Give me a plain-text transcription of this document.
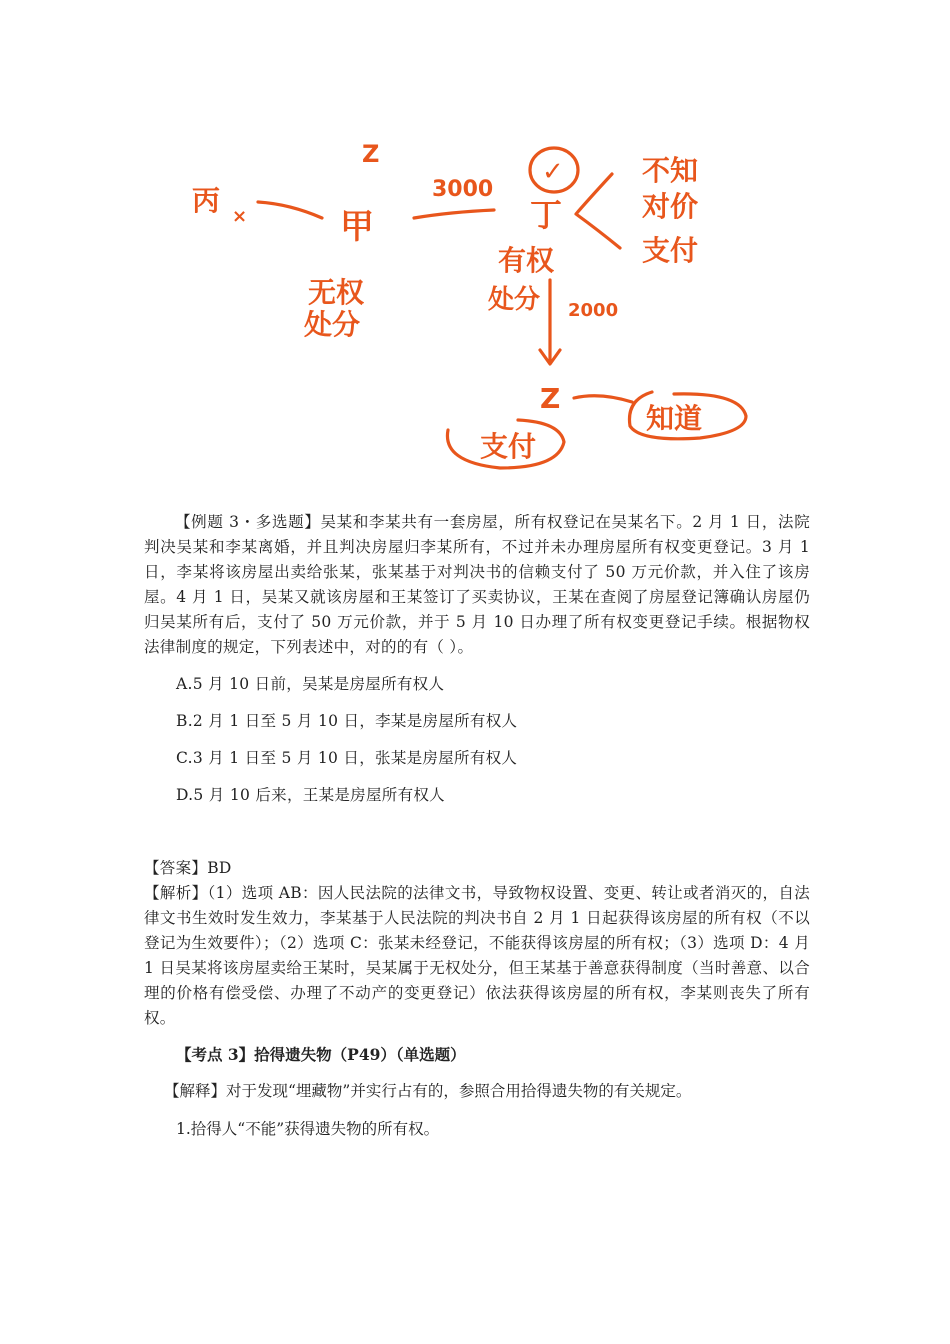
Z
丙 ×	甲
无权
处分
3000
✓
丁
不知
对价
支付
有权
处分 2000
Z
支付
知道

【例题 3・多选题】吴某和李某共有一套房屋，所有权登记在吴某名下。2 月 1 日，法院判决吴某和李某离婚，并且判决房屋归李某所有，不过并未办理房屋所有权变更登记。3 月 1 日，李某将该房屋出卖给张某，张某基于对判决书的信赖支付了 50 万元价款，并入住了该房屋。4 月 1 日，吴某又就该房屋和王某签订了买卖协议，王某在查阅了房屋登记簿确认房屋仍归吴某所有后，支付了 50 万元价款，并于 5 月 10 日办理了所有权变更登记手续。根据物权法律制度的规定，下列表述中，对的的有（ ）。

A.5 月 10 日前，吴某是房屋所有权人

B.2 月 1 日至 5 月 10 日，李某是房屋所有权人

C.3 月 1 日至 5 月 10 日，张某是房屋所有权人

D.5 月 10 后来，王某是房屋所有权人

【答案】BD

【解析】（1）选项 AB：因人民法院的法律文书，导致物权设置、变更、转让或者消灭的，自法律文书生效时发生效力，李某基于人民法院的判决书自 2 月 1 日起获得该房屋的所有权（不以登记为生效要件）；（2）选项 C：张某未经登记，不能获得该房屋的所有权；（3）选项 D：4 月 1 日吴某将该房屋卖给王某时，吴某属于无权处分，但王某基于善意获得制度（当时善意、以合理的价格有偿受偿、办理了不动产的变更登记）依法获得该房屋的所有权，李某则丧失了所有权。

【考点 3】拾得遗失物（P49）（单选题）

【解释】对于发现“埋藏物”并实行占有的，参照合用拾得遗失物的有关规定。

1.拾得人“不能”获得遗失物的所有权。
